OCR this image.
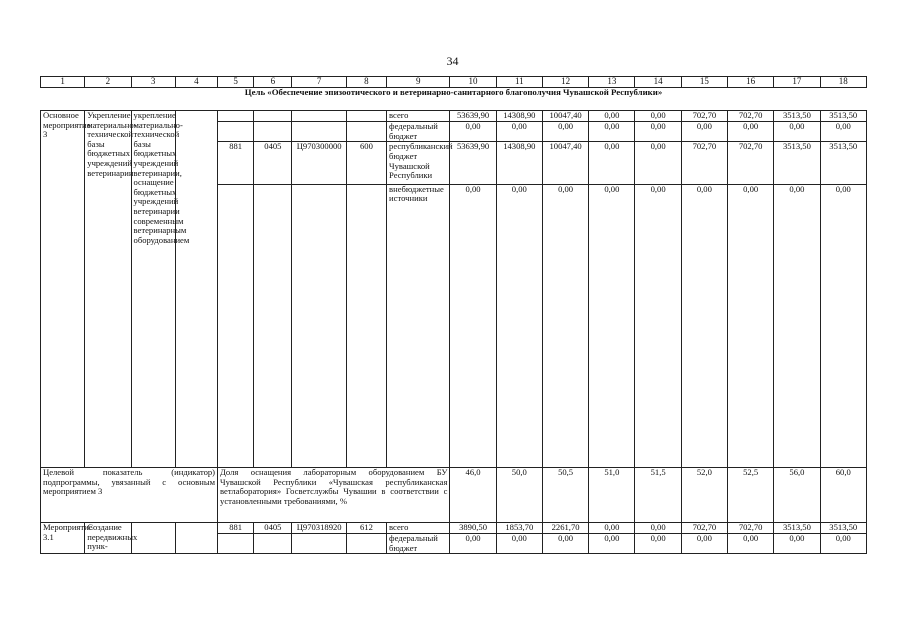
34
1	2	3	4	5	6	7	8	9	10	11	12	13	14	15	16	17	18
Цель «Обеспечение эпизоотического и ветеринарно-санитарного благополучия Чувашской Республики»																	
Основное мероприятие 3	Укрепление материально-технической базы бюджетных учреждений ветеринарии	укрепление материально-технической базы бюджетных учреждений ветеринарии, оснащение бюджетных учреждений ветеринарии современным ветеринарным оборудованием						всего	53639,90	14308,90	10047,40	0,00	0,00	702,70	702,70	3513,50	3513,50
								федеральный бюджет	0,00	0,00	0,00	0,00	0,00	0,00	0,00	0,00	0,00
				881	0405	Ц970300000	600	республиканский бюджет Чувашской Республики	53639,90	14308,90	10047,40	0,00	0,00	702,70	702,70	3513,50	3513,50
								внебюджетные источники	0,00	0,00	0,00	0,00	0,00	0,00	0,00	0,00	0,00
Целевой показатель (индикатор) подпрограммы, увязанный с основным мероприятием 3				Доля оснащения лабораторным оборудованием БУ Чувашской Республики «Чувашская республиканская ветлаборатория» Госветслужбы Чувашии в соответствии с установленными требованиями, %					46,0	50,0	50,5	51,0	51,5	52,0	52,5	56,0	60,0
Мероприятие 3.1	Создание передвижных пунк-			881	0405	Ц970318920	612	всего	3890,50	1853,70	2261,70	0,00	0,00	702,70	702,70	3513,50	3513,50
								федеральный бюджет	0,00	0,00	0,00	0,00	0,00	0,00	0,00	0,00	0,00
